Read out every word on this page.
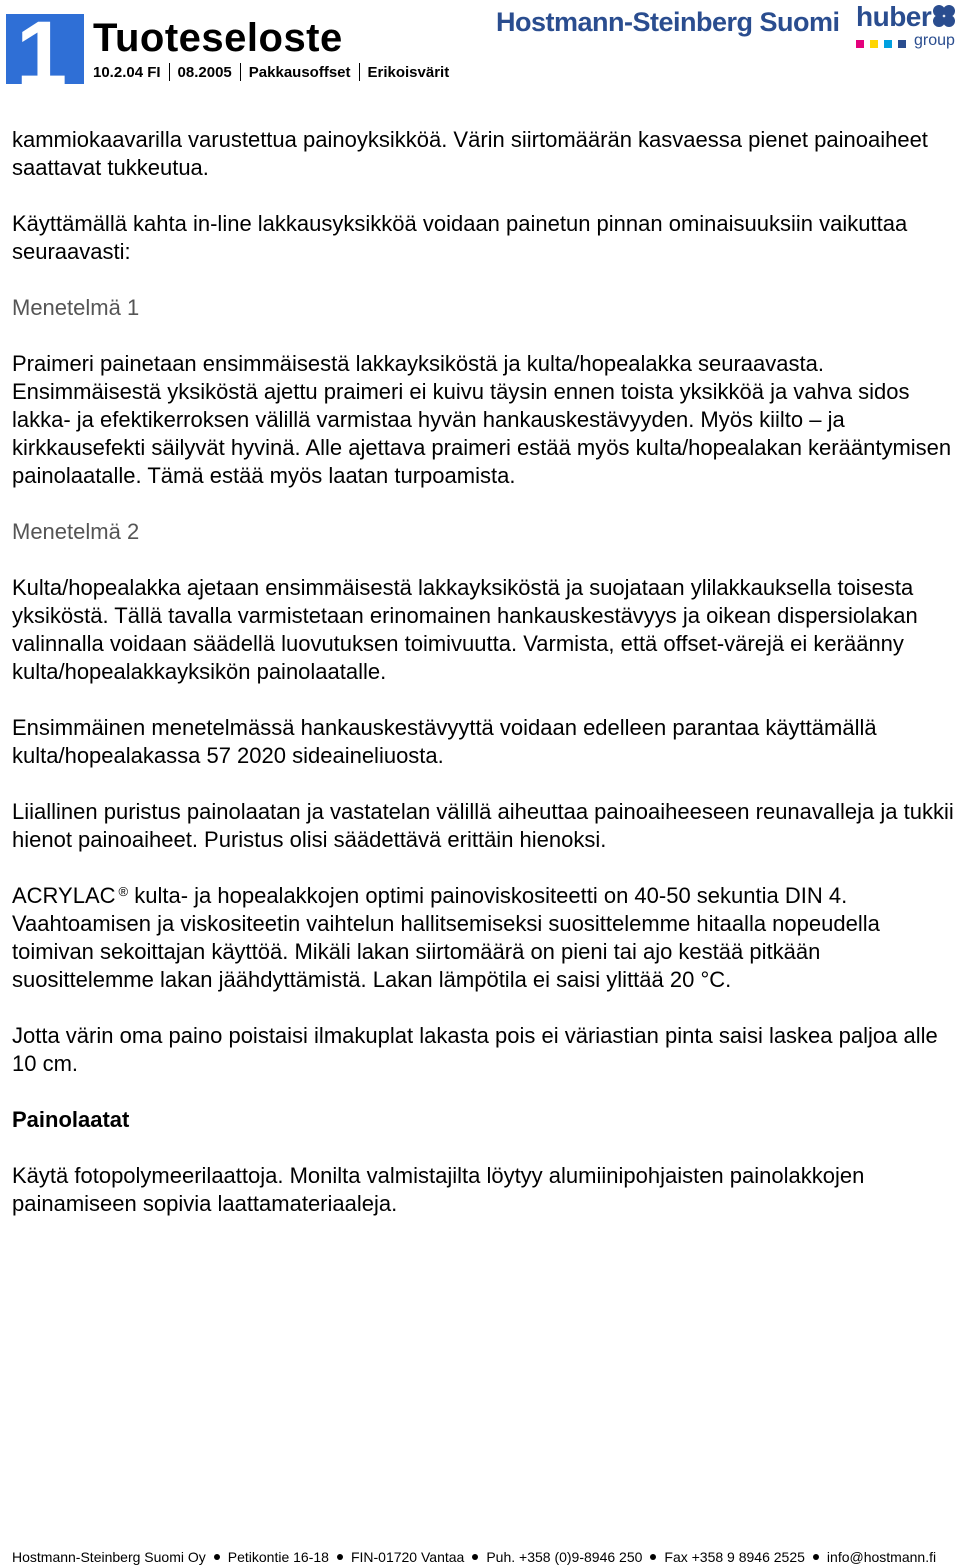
1 Tuoteseloste
10.2.04 FI 08.2005 Pakkausoffset Erikoisvärit
Hostmann-Steinberg Suomi huber
group

kammiokaavarilla varustettua painoyksikköä. Värin siirtomäärän kasvaessa pienet painoaiheet saattavat tukkeutua.

Käyttämällä kahta in-line lakkausyksikköä voidaan painetun pinnan ominaisuuksiin vaikuttaa seuraavasti:

Menetelmä 1

Praimeri painetaan ensimmäisestä lakkayksiköstä ja kulta/hopealakka seuraavasta. Ensimmäisestä yksiköstä ajettu praimeri ei kuivu täysin ennen toista yksikköä ja vahva sidos lakka- ja efektikerroksen välillä varmistaa hyvän hankauskestävyyden. Myös kiilto – ja kirkkausefekti säilyvät hyvinä. Alle ajettava praimeri estää myös kulta/hopealakan kerääntymisen painolaatalle. Tämä estää myös laatan turpoamista.

Menetelmä 2

Kulta/hopealakka ajetaan ensimmäisestä lakkayksiköstä ja suojataan ylilakkauksella toisesta yksiköstä. Tällä tavalla varmistetaan erinomainen hankauskestävyys ja oikean dispersiolakan valinnalla voidaan säädellä luovutuksen toimivuutta. Varmista, että offset-värejä ei keräänny kulta/hopealakkayksikön painolaatalle.

Ensimmäinen menetelmässä hankauskestävyyttä voidaan edelleen parantaa käyttämällä kulta/hopealakassa 57 2020 sideaineliuosta.

Liiallinen puristus painolaatan ja vastatelan välillä aiheuttaa painoaiheeseen reunavalleja ja tukkii hienot painoaiheet. Puristus olisi säädettävä erittäin hienoksi.

ACRYLAC ® kulta- ja hopealakkojen optimi painoviskositeetti on 40-50 sekuntia DIN 4. Vaahtoamisen ja viskositeetin vaihtelun hallitsemiseksi suosittelemme hitaalla nopeudella toimivan sekoittajan käyttöä. Mikäli lakan siirtomäärä on pieni tai ajo kestää pitkään suosittelemme lakan jäähdyttämistä. Lakan lämpötila ei saisi ylittää 20 °C.

Jotta värin oma paino poistaisi ilmakuplat lakasta pois ei väriastian pinta saisi laskea paljoa alle 10 cm.

Painolaatat

Käytä fotopolymeerilaattoja. Monilta valmistajilta löytyy alumiinipohjaisten painolakkojen painamiseen sopivia laattamateriaaleja.

Hostmann-Steinberg Suomi Oy Petikontie 16-18 FIN-01720 Vantaa Puh. +358 (0)9-8946 250 Fax +358 9 8946 2525 info@hostmann.fi
